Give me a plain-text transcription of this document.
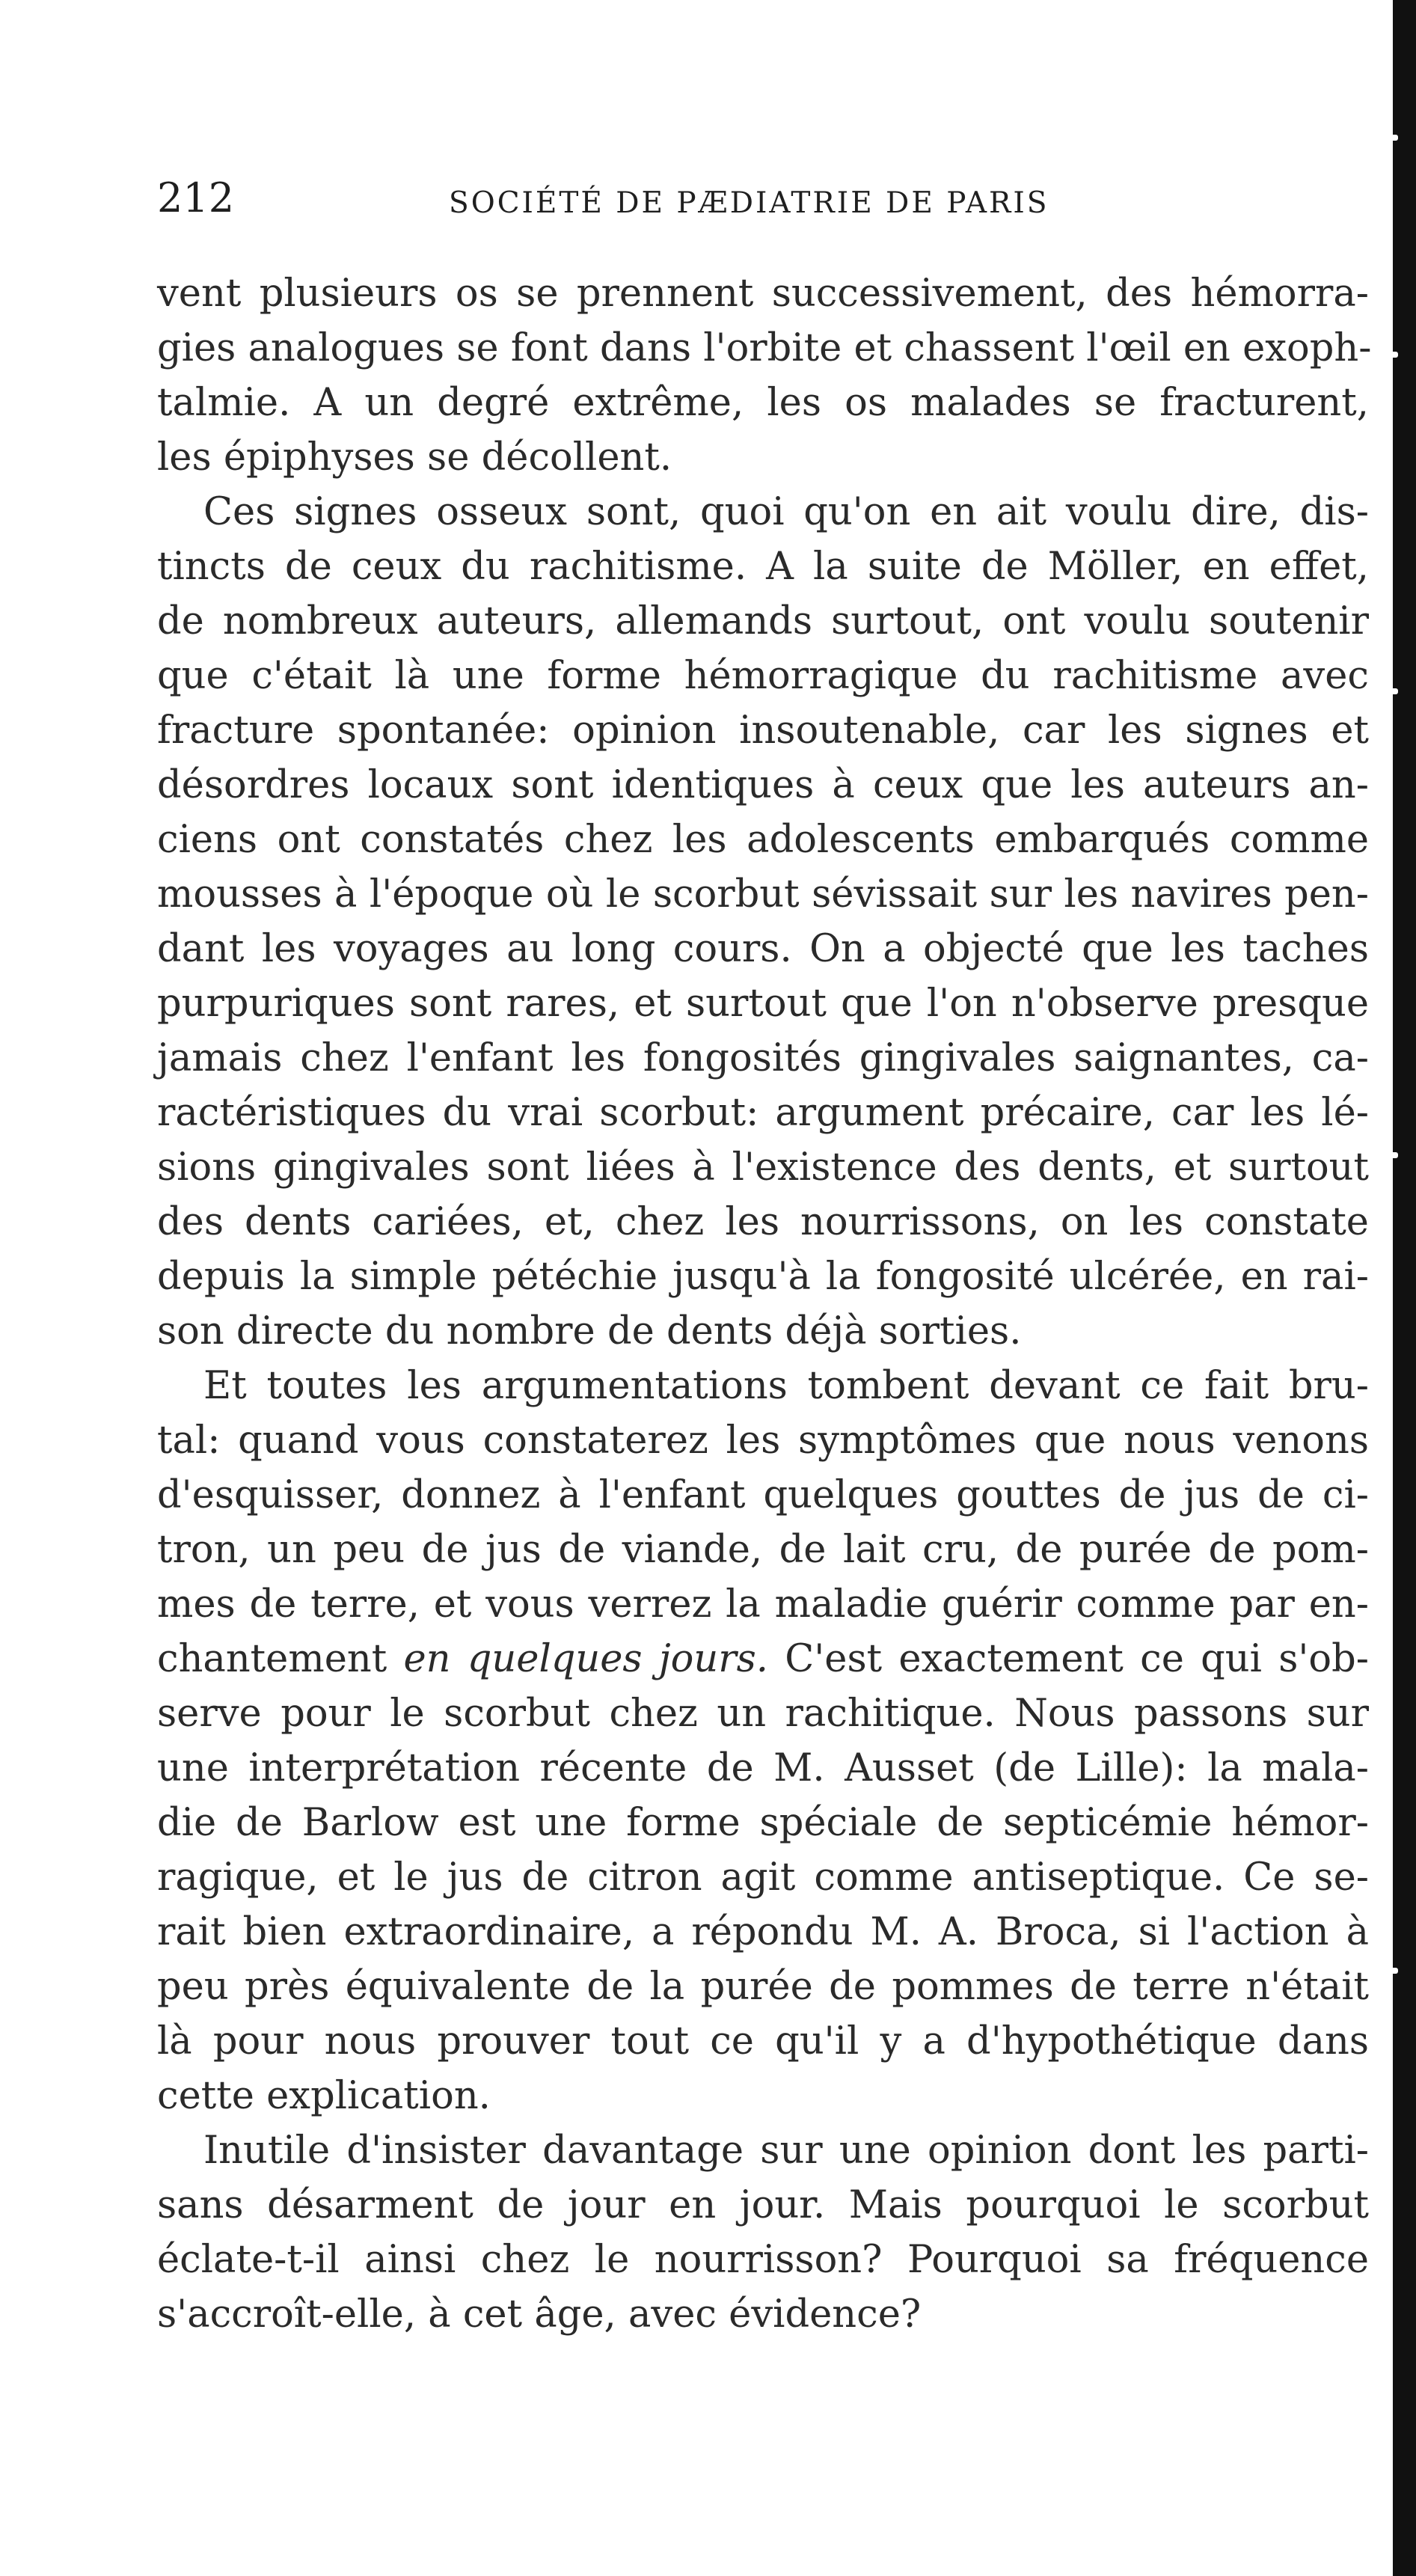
212	SOCIÉTÉ DE PÆDIATRIE DE PARIS
vent plusieurs os se prennent successivement, des hémorra-
gies analogues se font dans l'orbite et chassent l'œil en exoph-
talmie. A un degré extrême, les os malades se fracturent,
les épiphyses se décollent.
Ces signes osseux sont, quoi qu'on en ait voulu dire, dis-
tincts de ceux du rachitisme. A la suite de Möller, en effet,
de nombreux auteurs, allemands surtout, ont voulu soutenir
que c'était là une forme hémorragique du rachitisme avec
fracture spontanée: opinion insoutenable, car les signes et
désordres locaux sont identiques à ceux que les auteurs an-
ciens ont constatés chez les adolescents embarqués comme
mousses à l'époque où le scorbut sévissait sur les navires pen-
dant les voyages au long cours. On a objecté que les taches
purpuriques sont rares, et surtout que l'on n'observe presque
jamais chez l'enfant les fongosités gingivales saignantes, ca-
ractéristiques du vrai scorbut: argument précaire, car les lé-
sions gingivales sont liées à l'existence des dents, et surtout
des dents cariées, et, chez les nourrissons, on les constate
depuis la simple pétéchie jusqu'à la fongosité ulcérée, en rai-
son directe du nombre de dents déjà sorties.
Et toutes les argumentations tombent devant ce fait bru-
tal: quand vous constaterez les symptômes que nous venons
d'esquisser, donnez à l'enfant quelques gouttes de jus de ci-
tron, un peu de jus de viande, de lait cru, de purée de pom-
mes de terre, et vous verrez la maladie guérir comme par en-
chantement en quelques jours. C'est exactement ce qui s'ob-
serve pour le scorbut chez un rachitique. Nous passons sur
une interprétation récente de M. Ausset (de Lille): la mala-
die de Barlow est une forme spéciale de septicémie hémor-
ragique, et le jus de citron agit comme antiseptique. Ce se-
rait bien extraordinaire, a répondu M. A. Broca, si l'action à
peu près équivalente de la purée de pommes de terre n'était
là pour nous prouver tout ce qu'il y a d'hypothétique dans
cette explication.
Inutile d'insister davantage sur une opinion dont les parti-
sans désarment de jour en jour. Mais pourquoi le scorbut
éclate-t-il ainsi chez le nourrisson? Pourquoi sa fréquence
s'accroît-elle, à cet âge, avec évidence?
